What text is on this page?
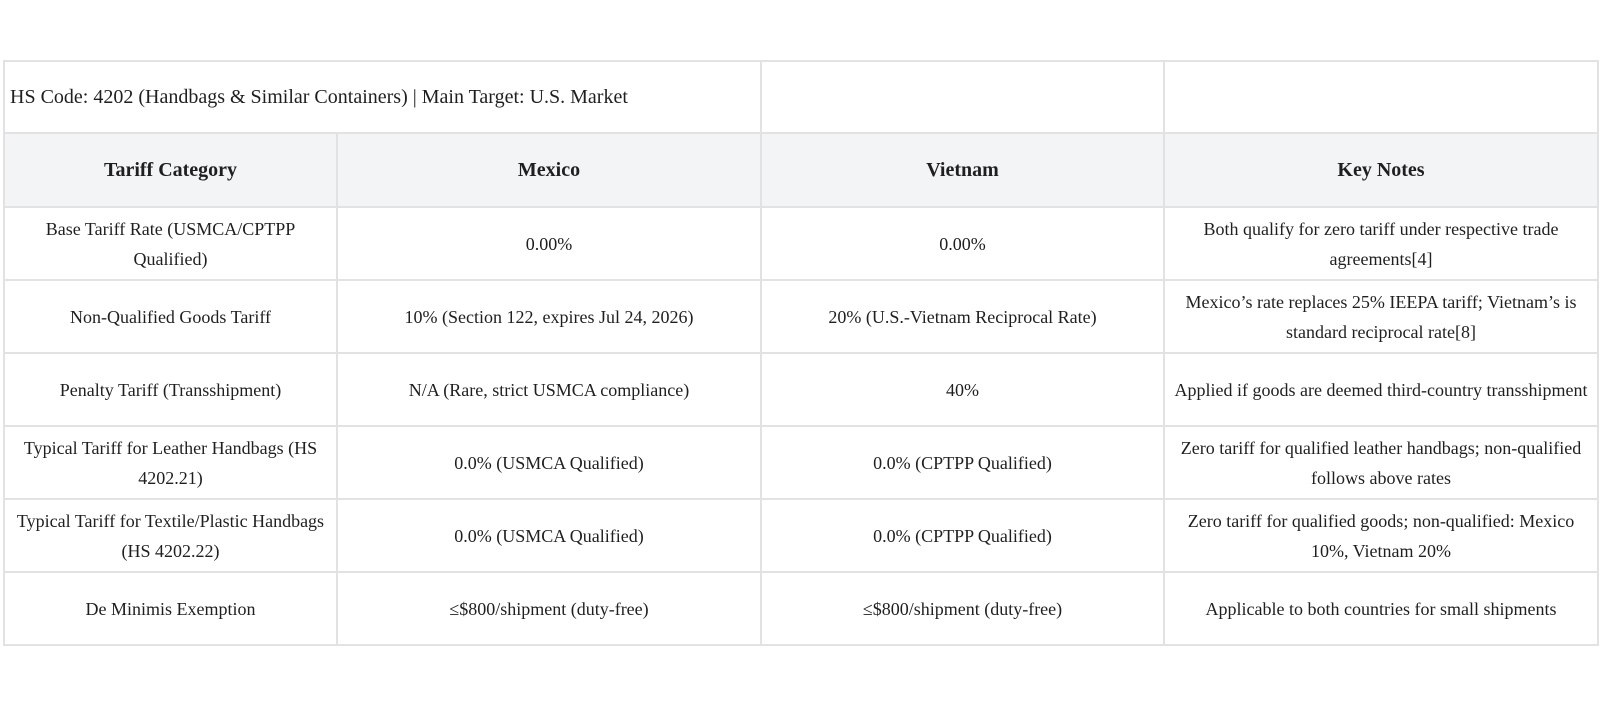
HS Code: 4202 (Handbags & Similar Containers) | Main Target: U.S. Market			
Tariff Category	Mexico	Vietnam	Key Notes
Base Tariff Rate (USMCA/CPTPP Qualified)	0.00%	0.00%	Both qualify for zero tariff under respective trade agreements[4]
Non-Qualified Goods Tariff	10% (Section 122, expires Jul 24, 2026)	20% (U.S.-Vietnam Reciprocal Rate)	Mexico’s rate replaces 25% IEEPA tariff; Vietnam’s is standard reciprocal rate[8]
Penalty Tariff (Transshipment)	N/A (Rare, strict USMCA compliance)	40%	Applied if goods are deemed third-country transshipment
Typical Tariff for Leather Handbags (HS 4202.21)	0.0% (USMCA Qualified)	0.0% (CPTPP Qualified)	Zero tariff for qualified leather handbags; non-qualified follows above rates
Typical Tariff for Textile/Plastic Handbags (HS 4202.22)	0.0% (USMCA Qualified)	0.0% (CPTPP Qualified)	Zero tariff for qualified goods; non-qualified: Mexico 10%, Vietnam 20%
De Minimis Exemption	≤$800/shipment (duty-free)	≤$800/shipment (duty-free)	Applicable to both countries for small shipments
